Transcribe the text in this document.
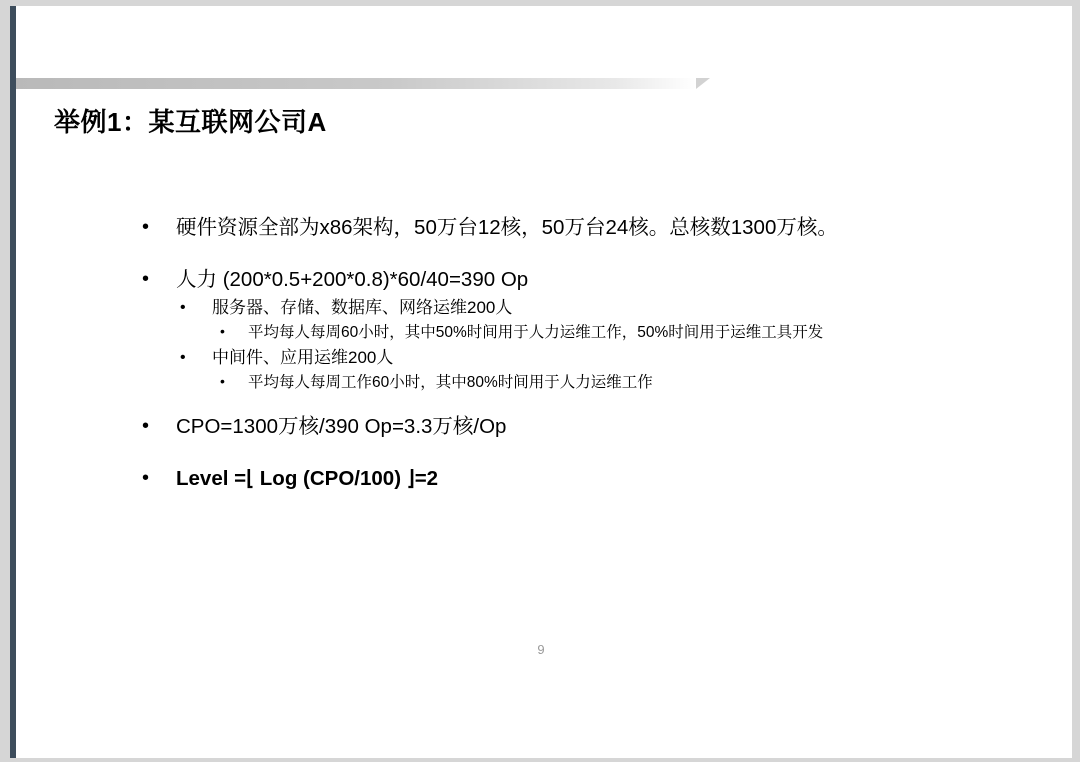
举例1：某互联网公司A
• 硬件资源全部为x86架构，50万台12核，50万台24核。总核数1300万核。
• 人力 (200*0.5+200*0.8)*60/40=390 Op
• 服务器、存储、数据库、网络运维200人
• 平均每人每周60小时，其中50%时间用于人力运维工作，50%时间用于运维工具开发
• 中间件、应用运维200人
• 平均每人每周工作60小时，其中80%时间用于人力运维工作
• CPO=1300万核/390 Op=3.3万核/Op
• Level =⌊ Log (CPO/100) ⌋=2
9
